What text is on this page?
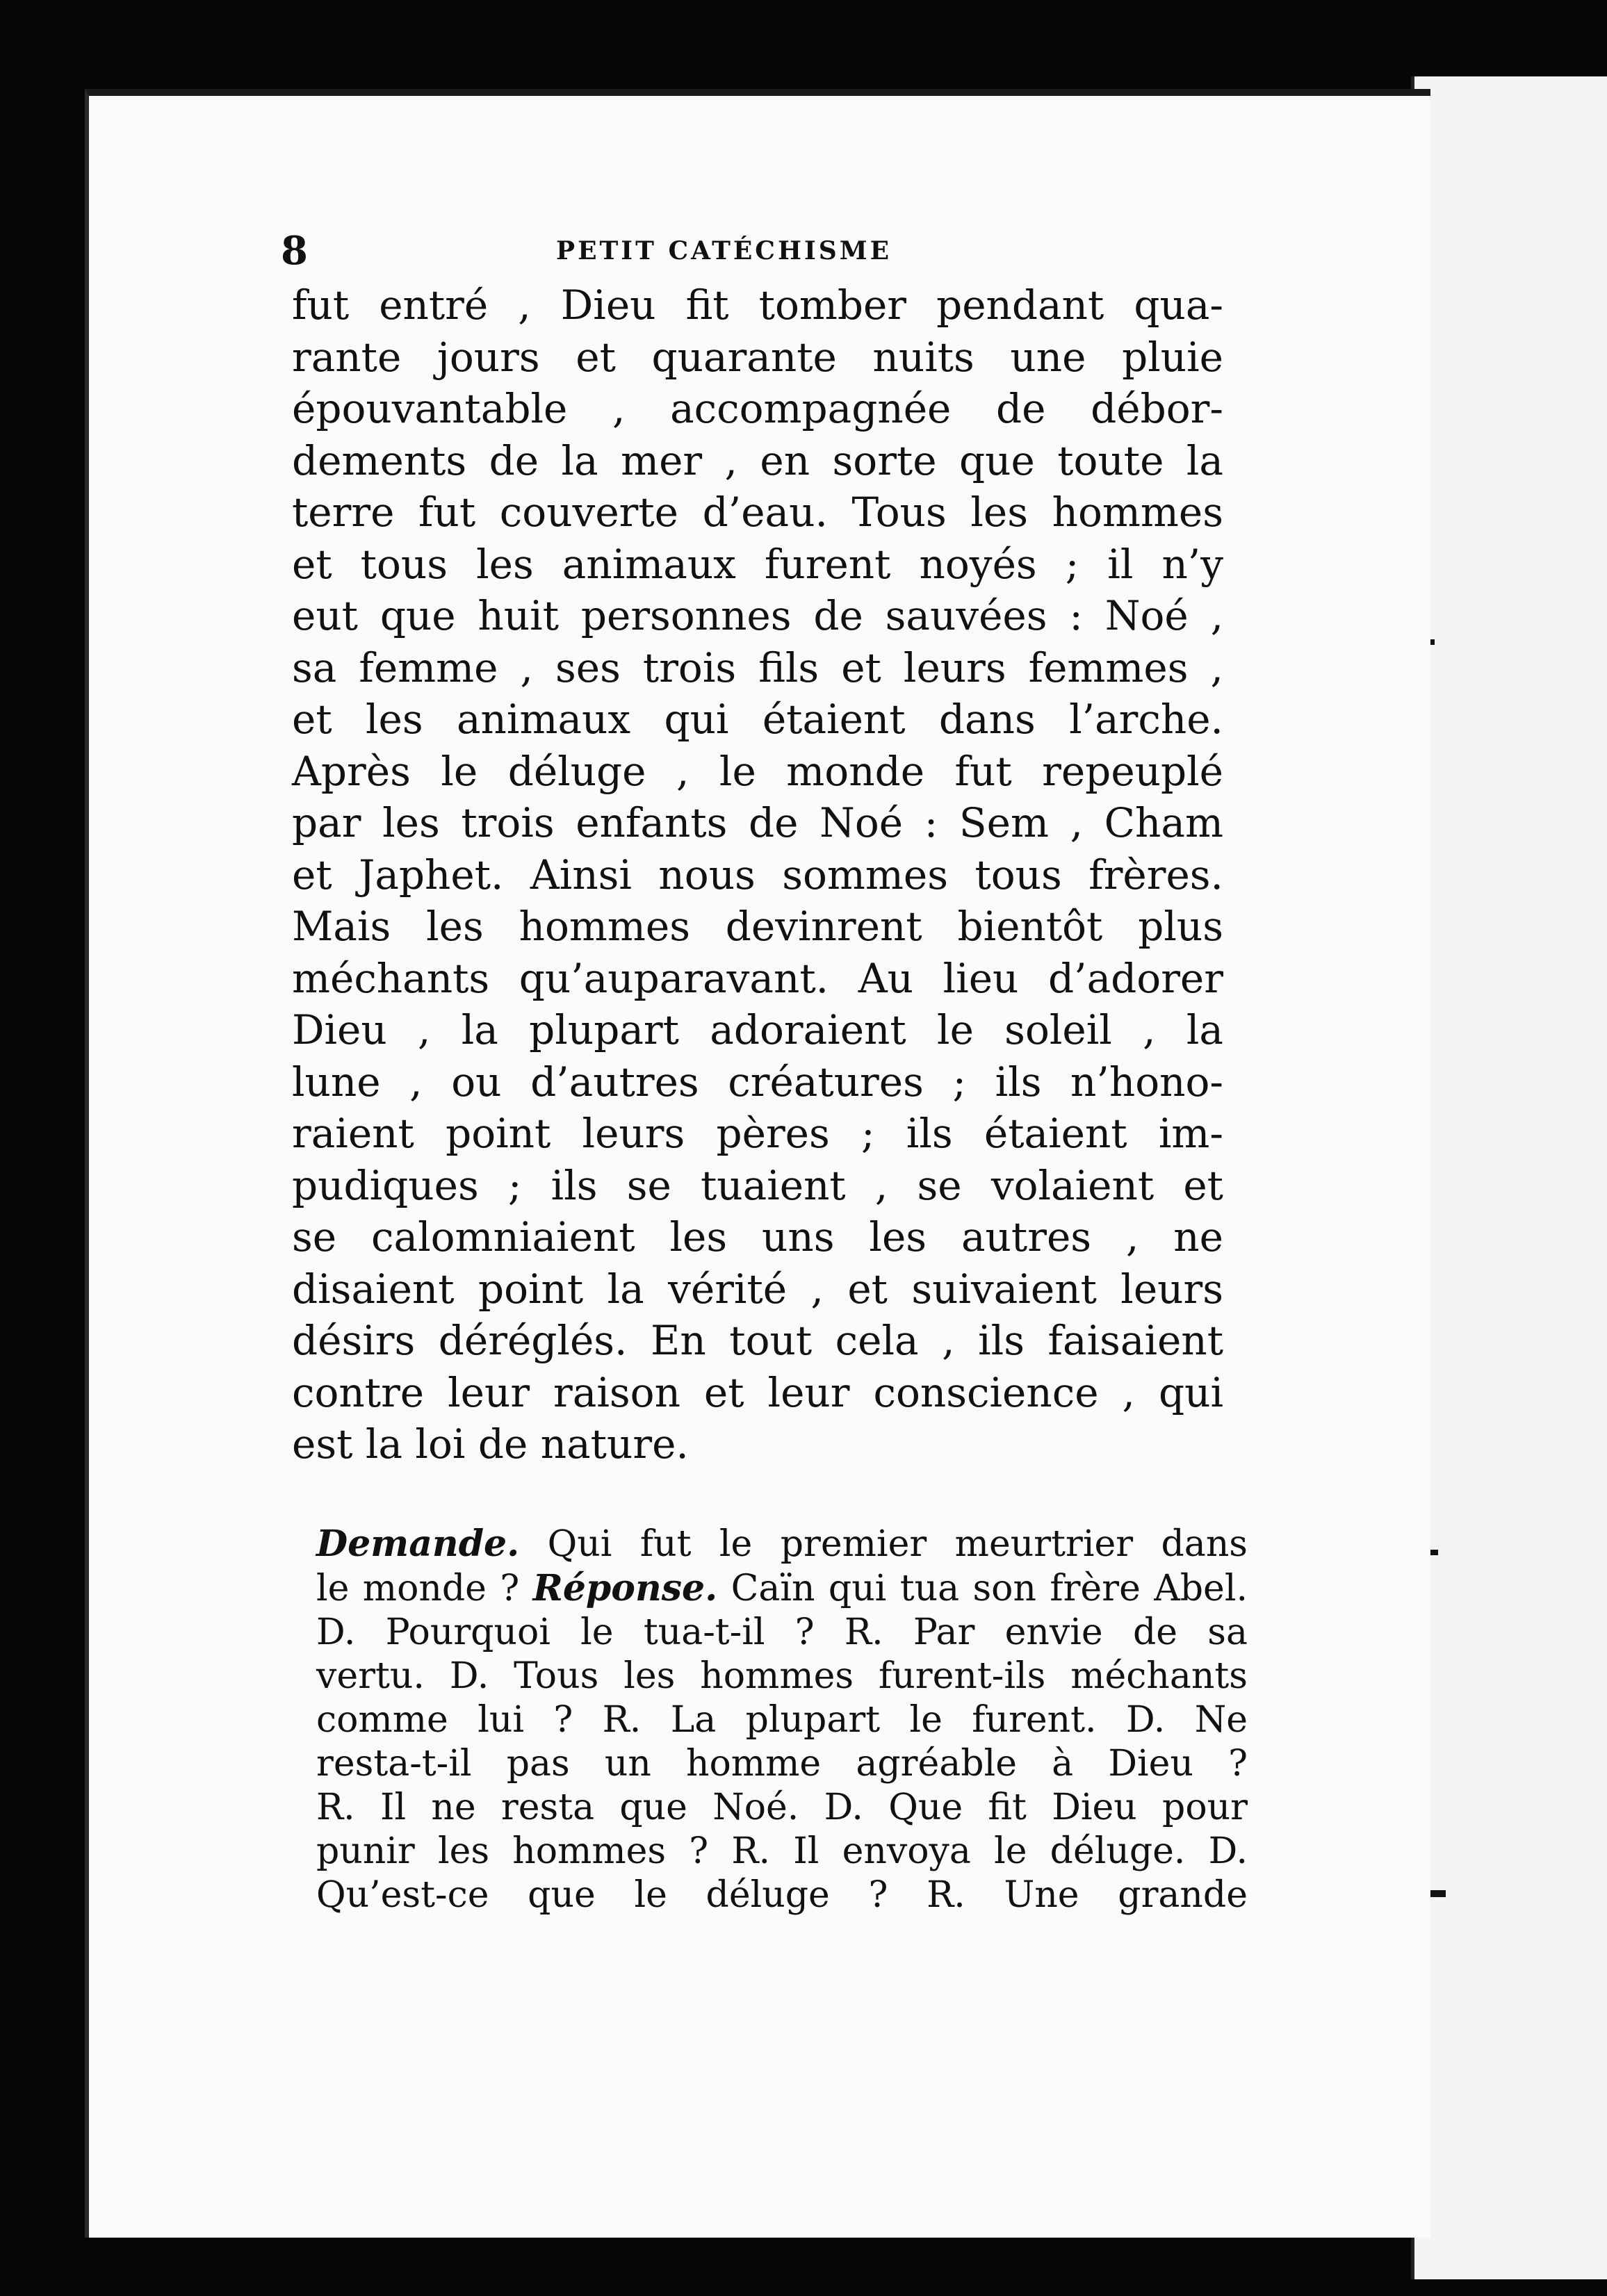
8	PETIT CATÉCHISME
fut entré , Dieu fit tomber pendant qua-
rante jours et quarante nuits une pluie
épouvantable , accompagnée de débor-
dements de la mer , en sorte que toute la
terre fut couverte d’eau. Tous les hommes
et tous les animaux furent noyés ; il n’y
eut que huit personnes de sauvées : Noé ,
sa femme , ses trois fils et leurs femmes ,
et les animaux qui étaient dans l’arche.
Après le déluge , le monde fut repeuplé
par les trois enfants de Noé : Sem , Cham
et Japhet. Ainsi nous sommes tous frères.
Mais les hommes devinrent bientôt plus
méchants qu’auparavant. Au lieu d’adorer
Dieu , la plupart adoraient le soleil , la
lune , ou d’autres créatures ; ils n’hono-
raient point leurs pères ; ils étaient im-
pudiques ; ils se tuaient , se volaient et
se calomniaient les uns les autres , ne
disaient point la vérité , et suivaient leurs
désirs déréglés. En tout cela , ils faisaient
contre leur raison et leur conscience , qui
est la loi de nature.
Demande. Qui fut le premier meurtrier dans
le monde ? Réponse. Caïn qui tua son frère Abel.
D. Pourquoi le tua-t-il ? R. Par envie de sa
vertu. D. Tous les hommes furent-ils méchants
comme lui ? R. La plupart le furent. D. Ne
resta-t-il pas un homme agréable à Dieu ?
R. Il ne resta que Noé. D. Que fit Dieu pour
punir les hommes ? R. Il envoya le déluge. D.
Qu’est-ce que le déluge ? R. Une grande
